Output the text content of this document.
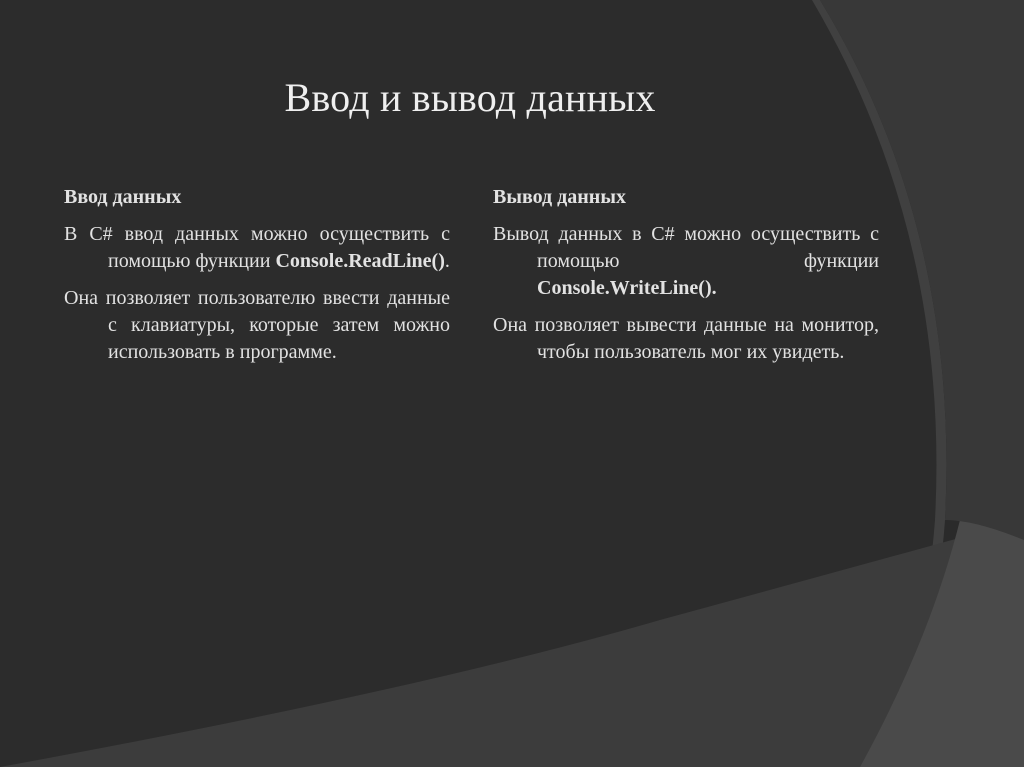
Ввод и вывод данных

Ввод данных

В C# ввод данных можно осуществить с помощью функции Console.ReadLine().

Она позволяет пользователю ввести данные с клавиатуры, которые затем можно использовать в программе.

Вывод данных

Вывод данных в C# можно осуществить с помощью функции Console.WriteLine().

Она позволяет вывести данные на монитор, чтобы пользователь мог их увидеть.
